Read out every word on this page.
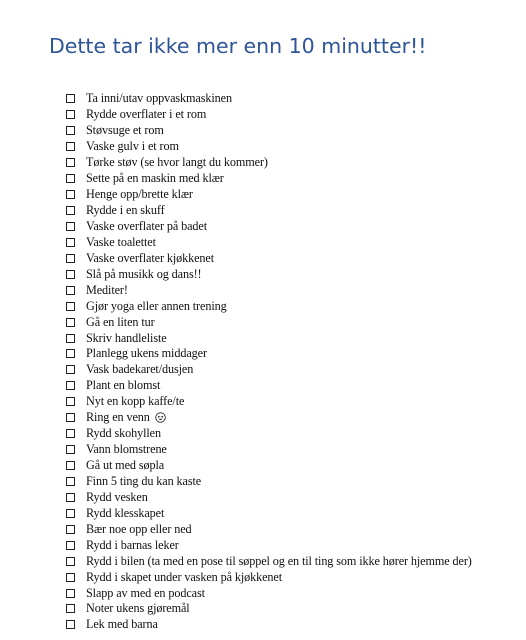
Dette tar ikke mer enn 10 minutter!!
Ta inni/utav oppvaskmaskinen
Rydde overflater i et rom
Støvsuge et rom
Vaske gulv i et rom
Tørke støv (se hvor langt du kommer)
Sette på en maskin med klær
Henge opp/brette klær
Rydde i en skuff
Vaske overflater på badet
Vaske toalettet
Vaske overflater kjøkkenet
Slå på musikk og dans!!
Mediter!
Gjør yoga eller annen trening
Gå en liten tur
Skriv handleliste
Planlegg ukens middager
Vask badekaret/dusjen
Plant en blomst
Nyt en kopp kaffe/te
Ring en venn
Rydd skohyllen
Vann blomstrene
Gå ut med søpla
Finn 5 ting du kan kaste
Rydd vesken
Rydd klesskapet
Bær noe opp eller ned
Rydd i barnas leker
Rydd i bilen (ta med en pose til søppel og en til ting som ikke hører hjemme der)
Rydd i skapet under vasken på kjøkkenet
Slapp av med en podcast
Noter ukens gjøremål
Lek med barna
